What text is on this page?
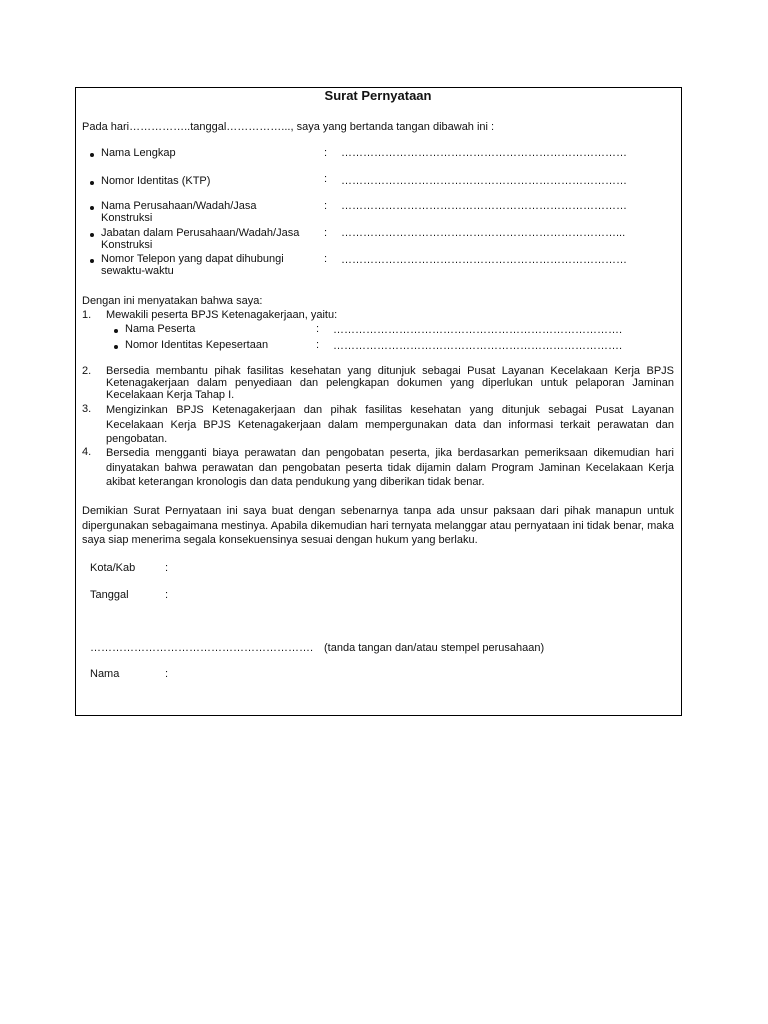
Surat Pernyataan
Pada hari……………..tanggal……………..., saya yang bertanda tangan dibawah ini :
Nama Lengkap	: ……………………………………………………………………
Nomor Identitas (KTP)	: ……………………………………………………………………
Nama Perusahaan/Wadah/Jasa Konstruksi
: ……………………………………………………………………
Jabatan dalam Perusahaan/Wadah/Jasa Konstruksi
: …………………………………………………………………...
Nomor Telepon yang dapat dihubungi sewaktu-waktu
: ……………………………………………………………………
Dengan ini menyatakan bahwa saya:
1. Mewakili peserta BPJS Ketenagakerjaan, yaitu:
Nama Peserta	: …………………………………………………………………….
Nomor Identitas Kepesertaan	: …………………………………………………………………….
2. Bersedia membantu pihak fasilitas kesehatan yang ditunjuk sebagai Pusat Layanan Kecelakaan Kerja BPJS Ketenagakerjaan dalam penyediaan dan pelengkapan dokumen yang diperlukan untuk pelaporan Jaminan Kecelakaan Kerja Tahap I.
3. Mengizinkan BPJS Ketenagakerjaan dan pihak fasilitas kesehatan yang ditunjuk sebagai Pusat Layanan Kecelakaan Kerja BPJS Ketenagakerjaan dalam mempergunakan data dan informasi terkait perawatan dan pengobatan.
4. Bersedia mengganti biaya perawatan dan pengobatan peserta, jika berdasarkan pemeriksaan dikemudian hari dinyatakan bahwa perawatan dan pengobatan peserta tidak dijamin dalam Program Jaminan Kecelakaan Kerja akibat keterangan kronologis dan data pendukung yang diberikan tidak benar.
Demikian Surat Pernyataan ini saya buat dengan sebenarnya tanpa ada unsur paksaan dari pihak manapun untuk dipergunakan sebagaimana mestinya. Apabila dikemudian hari ternyata melanggar atau pernyataan ini tidak benar, maka saya siap menerima segala konsekuensinya sesuai dengan hukum yang berlaku.
Kota/Kab	:
Tanggal	:
……………………………………………………. (tanda tangan dan/atau stempel perusahaan)
Nama	:
